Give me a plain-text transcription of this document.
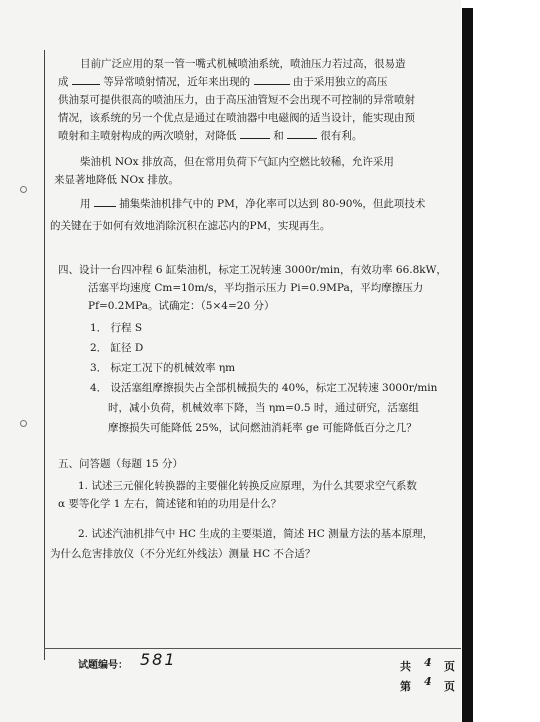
目前广泛应用的泵一管一嘴式机械喷油系统，喷油压力若过高，很易造
成	等异常喷射情况，近年来出现的	由于采用独立的高压
供油泵可提供很高的喷油压力，由于高压油管短不会出现不可控制的异常喷射
情况，该系统的另一个优点是通过在喷油器中电磁阀的适当设计，能实现由预
喷射和主喷射构成的两次喷射，对降低	和	很有利。
柴油机 NOx 排放高，但在常用负荷下气缸内空燃比较稀，允许采用
来显著地降低 NOx 排放。
用	捕集柴油机排气中的 PM，净化率可以达到 80-90%，但此项技术
的关键在于如何有效地消除沉积在滤芯内的PM，实现再生。
四、设计一台四冲程 6 缸柴油机，标定工况转速 3000r/min，有效功率 66.8kW，
活塞平均速度 Cm=10m/s，平均指示压力 Pi=0.9MPa，平均摩擦压力
Pf=0.2MPa。试确定：（5×4=20 分）
1． 行程 S
2． 缸径 D
3． 标定工况下的机械效率 ηm
4． 设活塞组摩擦损失占全部机械损失的 40%，标定工况转速 3000r/min
时，减小负荷，机械效率下降，当 ηm=0.5 时，通过研究，活塞组
摩擦损失可能降低 25%，试问燃油消耗率 ge 可能降低百分之几？
五、问答题（每题 15 分）
1. 试述三元催化转换器的主要催化转换反应原理，为什么其要求空气系数
α 要等化学 1 左右，简述铑和铂的功用是什么？
2. 试述汽油机排气中 HC 生成的主要渠道，简述 HC 测量方法的基本原理，
为什么危害排放仪（不分光红外线法）测量 HC 不合适？
试题编号： 581	共 4 页
第 4 页
